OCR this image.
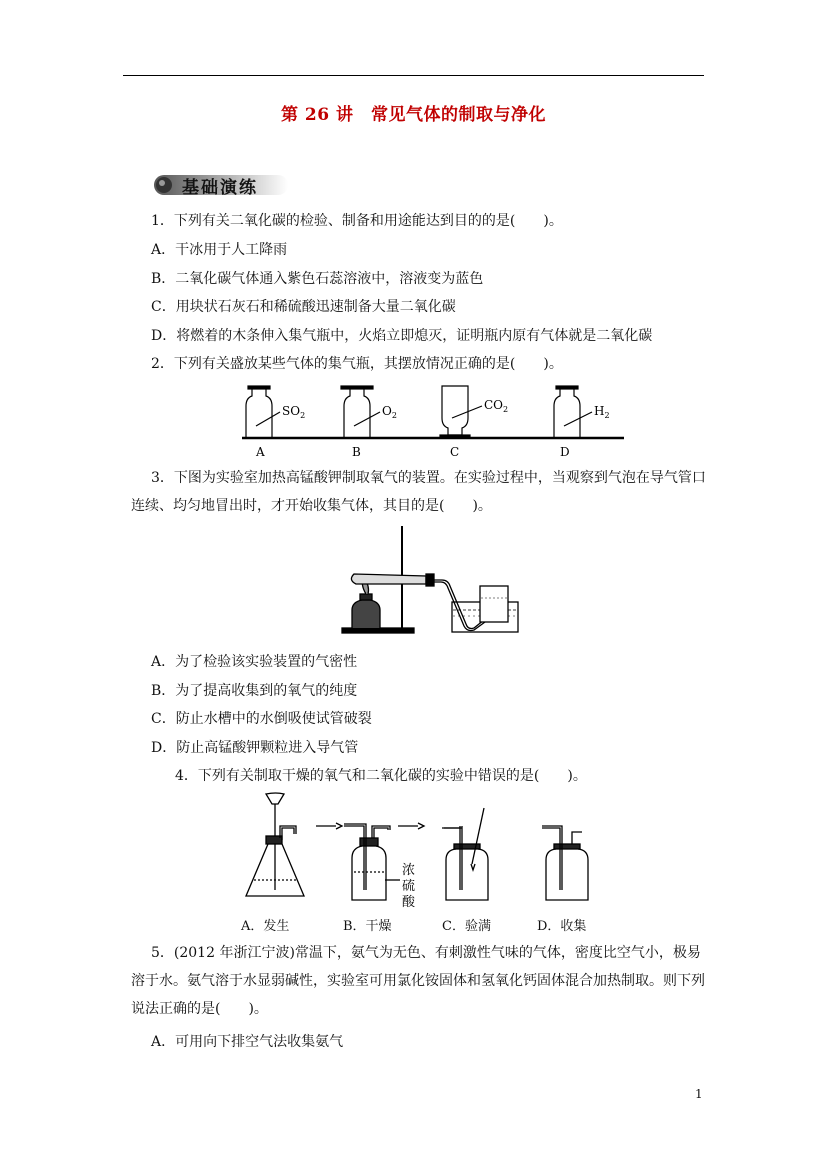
第 26 讲　常见气体的制取与净化
基础演练
1．下列有关二氧化碳的检验、制备和用途能达到目的的是(　　)。
A．干冰用于人工降雨
B．二氧化碳气体通入紫色石蕊溶液中，溶液变为蓝色
C．用块状石灰石和稀硫酸迅速制备大量二氧化碳
D．将燃着的木条伸入集气瓶中，火焰立即熄灭，证明瓶内原有气体就是二氧化碳
2．下列有关盛放某些气体的集气瓶，其摆放情况正确的是(　　)。
$SO_2$	$O_2$
$CO_2$	$H_2$
A	B	C	D
3．下图为实验室加热高锰酸钾制取氧气的装置。在实验过程中，当观察到气泡在导气管口连续、均匀地冒出时，才开始收集气体，其目的是(　　)。
A．为了检验该实验装置的气密性
B．为了提高收集到的氧气的纯度
C．防止水槽中的水倒吸使试管破裂
D．防止高锰酸钾颗粒进入导气管
4．下列有关制取干燥的氧气和二氧化碳的实验中错误的是(　　)。
浓
硫
酸
A．发生	B．干燥	C．验满	D．收集
5．(2012 年浙江宁波)常温下，氨气为无色、有刺激性气味的气体，密度比空气小，极易溶于水。氨气溶于水显弱碱性，实验室可用氯化铵固体和氢氧化钙固体混合加热制取。则下列说法正确的是(　　)。
A．可用向下排空气法收集氨气
1
